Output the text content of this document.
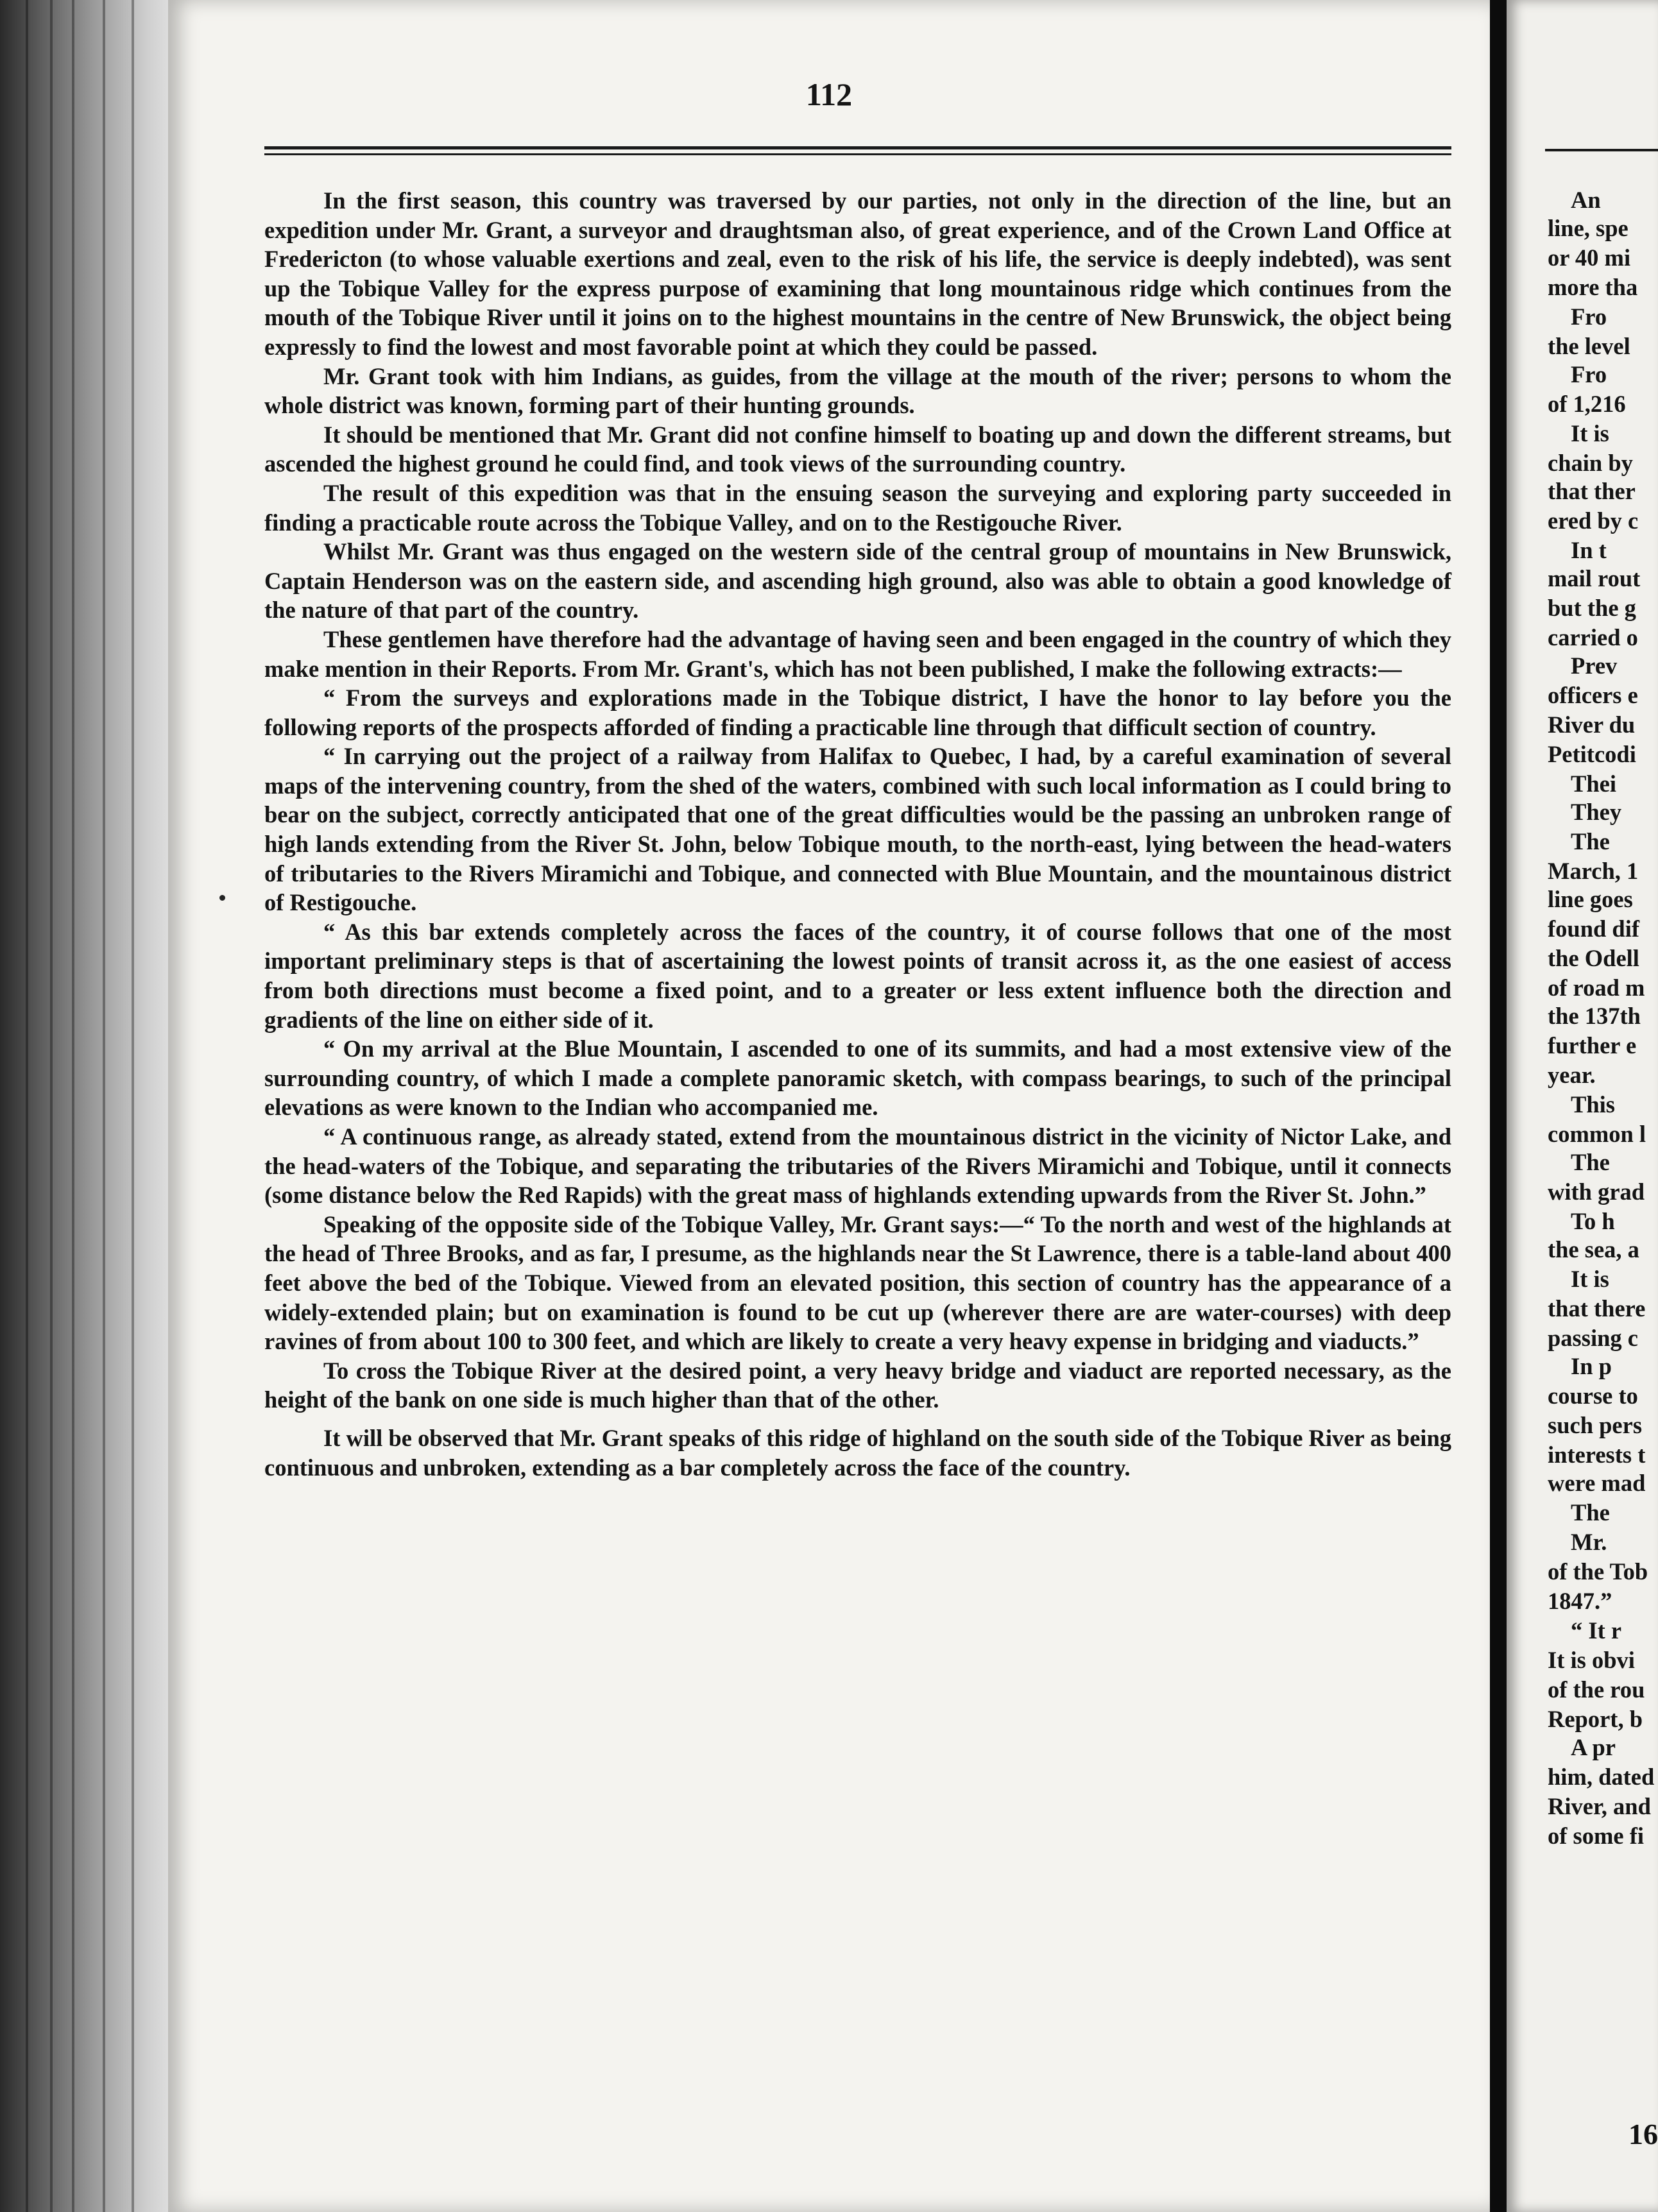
112

In the first season, this country was traversed by our parties, not only in the direction of the line, but an expedition under Mr. Grant, a surveyor and draughtsman also, of great experience, and of the Crown Land Office at Fredericton (to whose valuable exertions and zeal, even to the risk of his life, the service is deeply indebted), was sent up the Tobique Valley for the express purpose of examining that long mountainous ridge which continues from the mouth of the Tobique River until it joins on to the highest mountains in the centre of New Brunswick, the object being expressly to find the lowest and most favorable point at which they could be passed.

Mr. Grant took with him Indians, as guides, from the village at the mouth of the river; persons to whom the whole district was known, forming part of their hunting grounds.

It should be mentioned that Mr. Grant did not confine himself to boating up and down the different streams, but ascended the highest ground he could find, and took views of the surrounding country.

The result of this expedition was that in the ensuing season the surveying and exploring party succeeded in finding a practicable route across the Tobique Valley, and on to the Restigouche River.

Whilst Mr. Grant was thus engaged on the western side of the central group of mountains in New Brunswick, Captain Henderson was on the eastern side, and ascending high ground, also was able to obtain a good knowledge of the nature of that part of the country.

These gentlemen have therefore had the advantage of having seen and been engaged in the country of which they make mention in their Reports. From Mr. Grant's, which has not been published, I make the following extracts:—

“ From the surveys and explorations made in the Tobique district, I have the honor to lay before you the following reports of the prospects afforded of finding a practicable line through that difficult section of country.

“ In carrying out the project of a railway from Halifax to Quebec, I had, by a careful examination of several maps of the intervening country, from the shed of the waters, combined with such local information as I could bring to bear on the subject, correctly anticipated that one of the great difficulties would be the passing an unbroken range of high lands extending from the River St. John, below Tobique mouth, to the north-east, lying between the head-waters of tributaries to the Rivers Miramichi and Tobique, and connected with Blue Mountain, and the mountainous district of Restigouche.

“ As this bar extends completely across the faces of the country, it of course follows that one of the most important preliminary steps is that of ascertaining the lowest points of transit across it, as the one easiest of access from both directions must become a fixed point, and to a greater or less extent influence both the direction and gradients of the line on either side of it.

“ On my arrival at the Blue Mountain, I ascended to one of its summits, and had a most extensive view of the surrounding country, of which I made a complete panoramic sketch, with compass bearings, to such of the principal elevations as were known to the Indian who accompanied me.

“ A continuous range, as already stated, extend from the mountainous district in the vicinity of Nictor Lake, and the head-waters of the Tobique, and separating the tributaries of the Rivers Miramichi and Tobique, until it connects (some distance below the Red Rapids) with the great mass of highlands extending upwards from the River St. John.”

Speaking of the opposite side of the Tobique Valley, Mr. Grant says:—“ To the north and west of the highlands at the head of Three Brooks, and as far, I presume, as the highlands near the St Lawrence, there is a table-land about 400 feet above the bed of the Tobique. Viewed from an elevated position, this section of country has the appearance of a widely-extended plain; but on examination is found to be cut up (wherever there are are water-courses) with deep ravines of from about 100 to 300 feet, and which are likely to create a very heavy expense in bridging and viaducts.”

To cross the Tobique River at the desired point, a very heavy bridge and viaduct are reported necessary, as the height of the bank on one side is much higher than that of the other.

It will be observed that Mr. Grant speaks of this ridge of highland on the south side of the Tobique River as being continuous and unbroken, extending as a bar completely across the face of the country.

An
line, spe
or 40 mi
more tha
Fro
the level
Fro
of 1,216
It is
chain by
that ther
ered by c
In t
mail rout
but the g
carried o
Prev
officers e
River du
Petitcodi
Thei
They
The
March, 1
line goes
found dif
the Odell
of road m
the 137th
further e
year.
This
common l
The
with grad
To h
the sea, a
It is
that there
passing c
In p
course to
such pers
interests t
were mad
The
Mr.
of the Tob
1847.”
“ It r
It is obvi
of the rou
Report, b
A pr
him, dated
River, and
of some fi
16
